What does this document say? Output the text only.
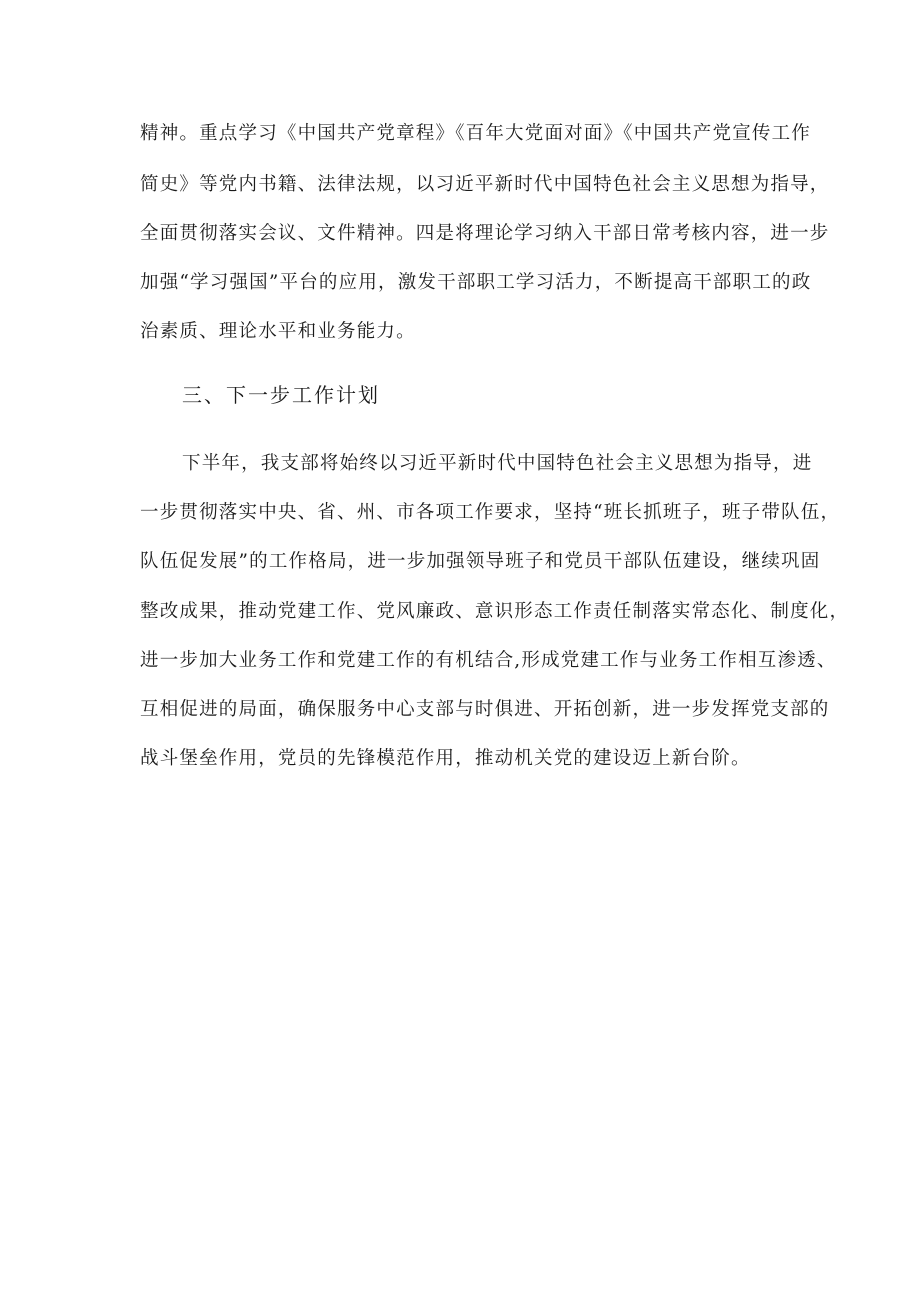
精神。重点学习《中国共产党章程》《百年大党面对面》《中国共产党宣传工作
简史》等党内书籍、法律法规，以习近平新时代中国特色社会主义思想为指导，
全面贯彻落实会议、文件精神。四是将理论学习纳入干部日常考核内容，进一步
加强“学习强国”平台的应用，激发干部职工学习活力，不断提高干部职工的政
治素质、理论水平和业务能力。
三、下一步工作计划
下半年，我支部将始终以习近平新时代中国特色社会主义思想为指导，进
一步贯彻落实中央、省、州、市各项工作要求，坚持“班长抓班子，班子带队伍，
队伍促发展”的工作格局，进一步加强领导班子和党员干部队伍建设，继续巩固
整改成果，推动党建工作、党风廉政、意识形态工作责任制落实常态化、制度化，
进一步加大业务工作和党建工作的有机结合,形成党建工作与业务工作相互渗透、
互相促进的局面，确保服务中心支部与时俱进、开拓创新，进一步发挥党支部的
战斗堡垒作用，党员的先锋模范作用，推动机关党的建设迈上新台阶。
